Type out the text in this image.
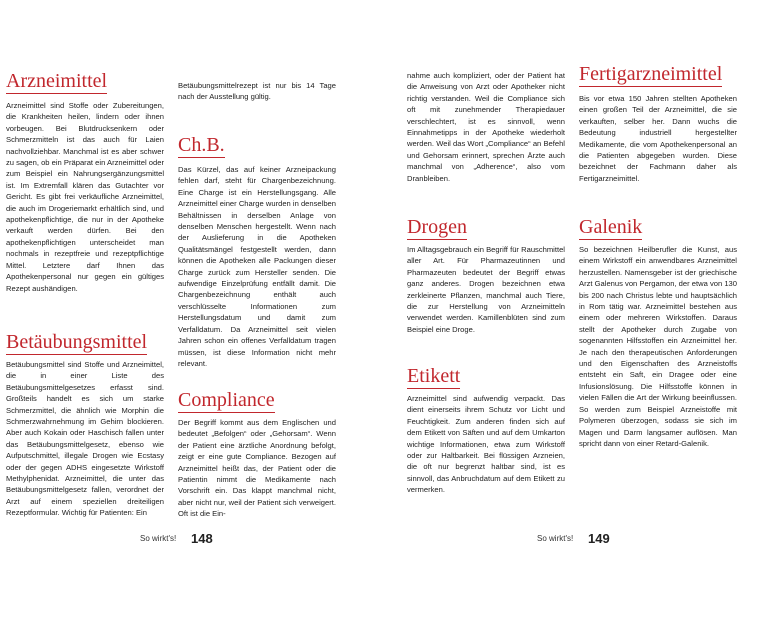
Arzneimittel

Arzneimittel sind Stoffe oder Zubereitungen, die Krankheiten heilen, lindern oder ihnen vorbeugen. Bei Blutdrucksenkern oder Schmerzmitteln ist das auch für Laien nachvollziehbar. Manchmal ist es aber schwer zu sagen, ob ein Präparat ein Arzneimittel oder zum Beispiel ein Nahrungsergänzungsmittel ist. Im Extremfall klären das Gutachter vor Gericht. Es gibt frei verkäufliche Arzneimittel, die auch im Drogeriemarkt erhältlich sind, und apothekenpflichtige, die nur in der Apotheke verkauft werden dürfen. Bei den apothekenpflichtigen unterscheidet man nochmals in rezeptfreie und rezeptpflichtige Mittel. Letztere darf Ihnen das Apothekenpersonal nur gegen ein gültiges Rezept aushändigen.

Betäubungsmittel

Betäubungsmittel sind Stoffe und Arzneimittel, die in einer Liste des Betäubungsmittelgesetzes erfasst sind. Großteils handelt es sich um starke Schmerzmittel, die ähnlich wie Morphin die Schmerzwahrnehmung im Gehirn blockieren. Aber auch Kokain oder Haschisch fallen unter das Betäubungsmittelgesetz, ebenso wie Aufputschmittel, illegale Drogen wie Ecstasy oder der gegen ADHS eingesetzte Wirkstoff Methylphenidat. Arzneimittel, die unter das Betäubungsmittelgesetz fallen, verordnet der Arzt auf einem speziellen dreiteiligen Rezeptformular. Wichtig für Patienten: Ein

Betäubungsmittelrezept ist nur bis 14 Tage nach der Ausstellung gültig.

Ch.B.

Das Kürzel, das auf keiner Arzneipackung fehlen darf, steht für Chargenbezeichnung. Eine Charge ist ein Herstellungsgang. Alle Arzneimittel einer Charge wurden in denselben Behältnissen in derselben Anlage von denselben Menschen hergestellt. Wenn nach der Auslieferung in die Apotheken Qualitätsmängel festgestellt werden, dann können die Apotheken alle Packungen dieser Charge zurück zum Hersteller senden. Die aufwendige Einzelprüfung entfällt damit. Die Chargenbezeichnung enthält auch verschlüsselte Informationen zum Herstellungsdatum und damit zum Verfalldatum. Da Arzneimittel seit vielen Jahren schon ein offenes Verfalldatum tragen müssen, ist diese Information nicht mehr relevant.

Compliance

Der Begriff kommt aus dem Englischen und bedeutet „Befolgen“ oder „Gehorsam“. Wenn der Patient eine ärztliche Anordnung befolgt, zeigt er eine gute Compliance. Bezogen auf Arzneimittel heißt das, der Patient oder die Patientin nimmt die Medikamente nach Vorschrift ein. Das klappt manchmal nicht, aber nicht nur, weil der Patient sich verweigert. Oft ist die Ein-

So wirkt's! 148

nahme auch kompliziert, oder der Patient hat die Anweisung von Arzt oder Apotheker nicht richtig verstanden. Weil die Compliance sich oft mit zunehmender Therapiedauer verschlechtert, ist es sinnvoll, wenn Einnahmetipps in der Apotheke wiederholt werden. Weil das Wort „Compliance“ an Befehl und Gehorsam erinnert, sprechen Ärzte auch manchmal von „Adherence“, also vom Dranbleiben.

Drogen

Im Alltagsgebrauch ein Begriff für Rauschmittel aller Art. Für Pharmazeutinnen und Pharmazeuten bedeutet der Begriff etwas ganz anderes. Drogen bezeichnen etwa zerkleinerte Pflanzen, manchmal auch Tiere, die zur Herstellung von Arzneimitteln verwendet werden. Kamillenblüten sind zum Beispiel eine Droge.

Etikett

Arzneimittel sind aufwendig verpackt. Das dient einerseits ihrem Schutz vor Licht und Feuchtigkeit. Zum anderen finden sich auf dem Etikett von Säften und auf dem Umkarton wichtige Informationen, etwa zum Wirkstoff oder zur Haltbarkeit. Bei flüssigen Arzneien, die oft nur begrenzt haltbar sind, ist es sinnvoll, das Anbruchdatum auf dem Etikett zu vermerken.

Fertigarzneimittel

Bis vor etwa 150 Jahren stellten Apotheken einen großen Teil der Arzneimittel, die sie verkauften, selber her. Dann wuchs die Bedeutung industriell hergestellter Medikamente, die vom Apothekenpersonal an die Patienten abgegeben wurden. Diese bezeichnet der Fachmann daher als Fertigarzneimittel.

Galenik

So bezeichnen Heilberufler die Kunst, aus einem Wirkstoff ein anwendbares Arzneimittel herzustellen. Namensgeber ist der griechische Arzt Galenus von Pergamon, der etwa von 130 bis 200 nach Christus lebte und hauptsächlich in Rom tätig war. Arzneimittel bestehen aus einem oder mehreren Wirkstoffen. Daraus stellt der Apotheker durch Zugabe von sogenannten Hilfsstoffen ein Arzneimittel her. Je nach den therapeutischen Anforderungen und den Eigenschaften des Arzneistoffs entsteht ein Saft, ein Dragee oder eine Infusionslösung. Die Hilfsstoffe können in vielen Fällen die Art der Wirkung beeinflussen. So werden zum Beispiel Arzneistoffe mit Polymeren überzogen, sodass sie sich im Magen und Darm langsamer auflösen. Man spricht dann von einer Retard-Galenik.

So wirkt's! 149
